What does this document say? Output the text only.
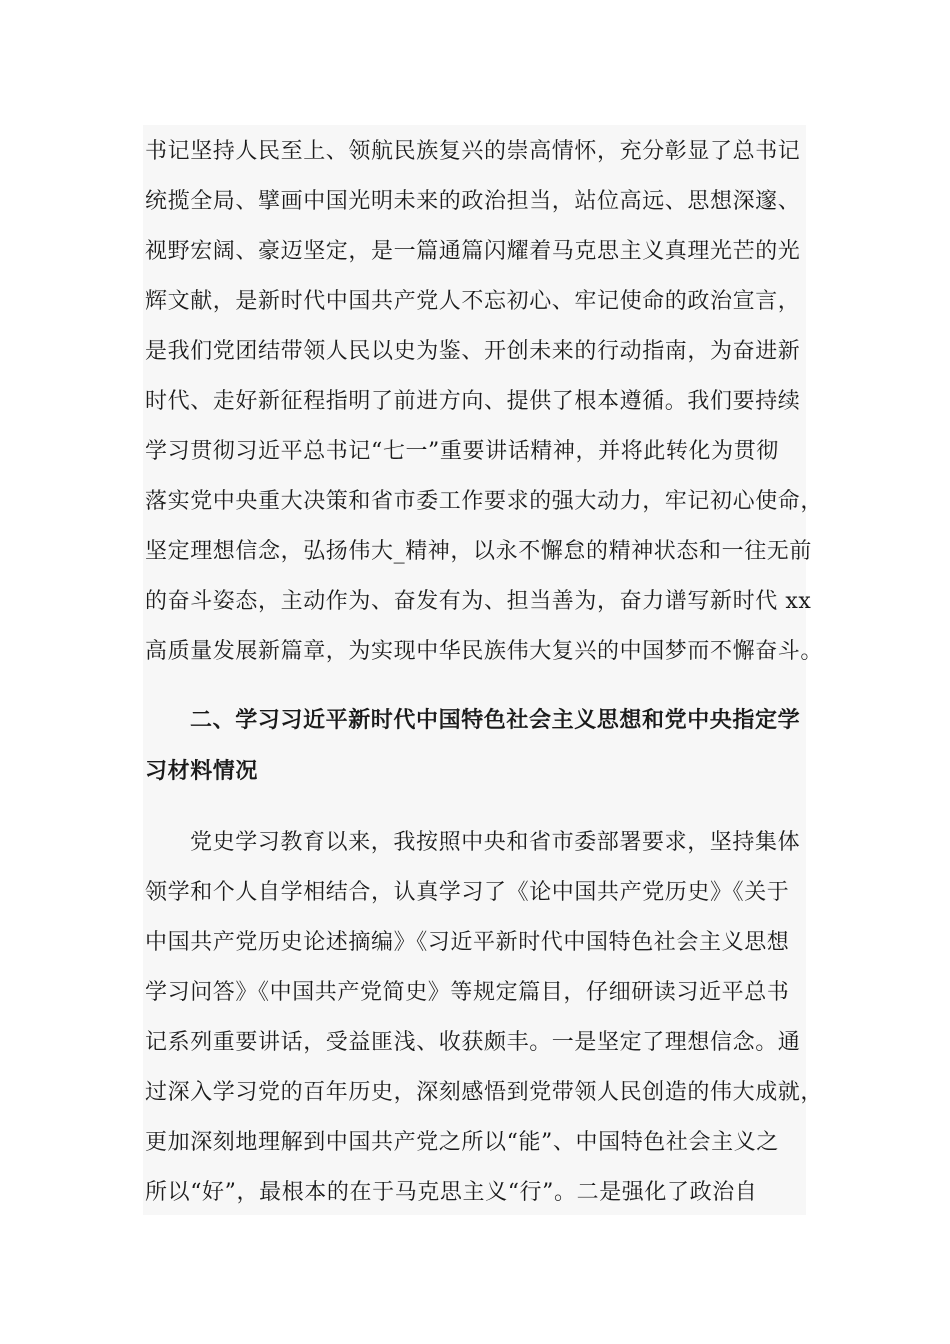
书记坚持人民至上、领航民族复兴的崇高情怀，充分彰显了总书记
统揽全局、擘画中国光明未来的政治担当，站位高远、思想深邃、
视野宏阔、豪迈坚定，是一篇通篇闪耀着马克思主义真理光芒的光
辉文献，是新时代中国共产党人不忘初心、牢记使命的政治宣言，
是我们党团结带领人民以史为鉴、开创未来的行动指南，为奋进新
时代、走好新征程指明了前进方向、提供了根本遵循。我们要持续
学习贯彻习近平总书记“七一”重要讲话精神，并将此转化为贯彻
落实党中央重大决策和省市委工作要求的强大动力，牢记初心使命，
坚定理想信念，弘扬伟大_精神，以永不懈怠的精神状态和一往无前
的奋斗姿态，主动作为、奋发有为、担当善为，奋力谱写新时代 xx
高质量发展新篇章，为实现中华民族伟大复兴的中国梦而不懈奋斗。
二、学习习近平新时代中国特色社会主义思想和党中央指定学
习材料情况
党史学习教育以来，我按照中央和省市委部署要求，坚持集体
领学和个人自学相结合，认真学习了《论中国共产党历史》《关于
中国共产党历史论述摘编》《习近平新时代中国特色社会主义思想
学习问答》《中国共产党简史》等规定篇目，仔细研读习近平总书
记系列重要讲话，受益匪浅、收获颇丰。一是坚定了理想信念。通
过深入学习党的百年历史，深刻感悟到党带领人民创造的伟大成就，
更加深刻地理解到中国共产党之所以“能”、中国特色社会主义之
所以“好”，最根本的在于马克思主义“行”。二是强化了政治自
